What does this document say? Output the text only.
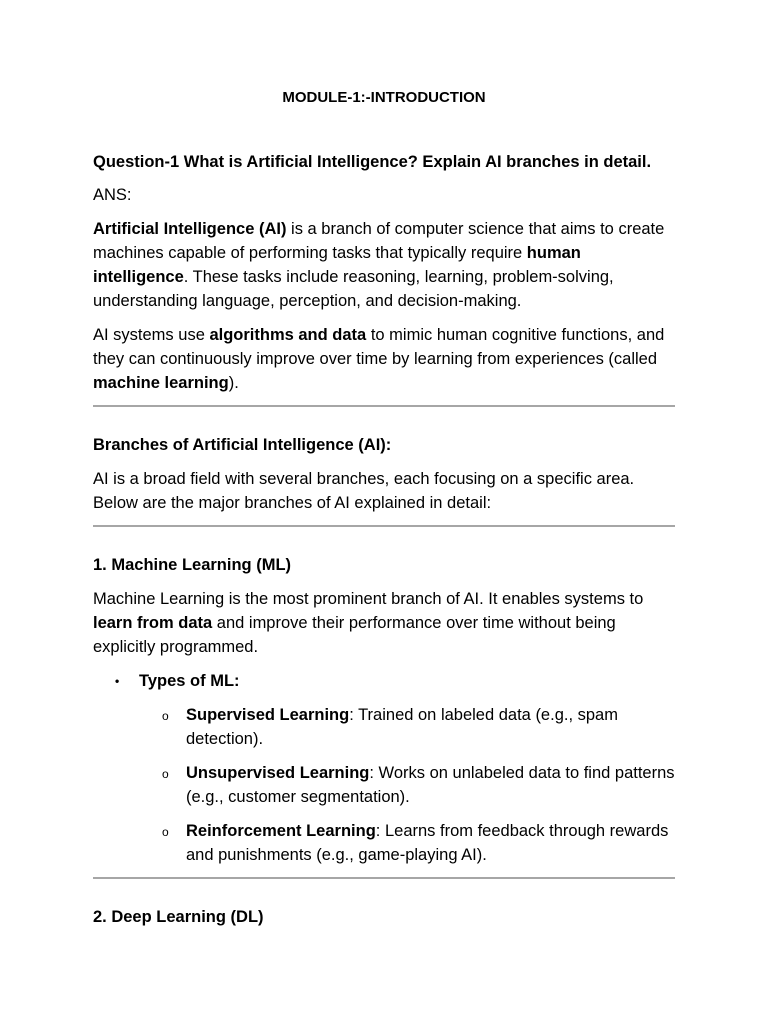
MODULE-1:-INTRODUCTION

Question-1 What is Artificial Intelligence? Explain AI branches in detail.

ANS:

Artificial Intelligence (AI) is a branch of computer science that aims to create machines capable of performing tasks that typically require human intelligence. These tasks include reasoning, learning, problem-solving, understanding language, perception, and decision-making.

AI systems use algorithms and data to mimic human cognitive functions, and they can continuously improve over time by learning from experiences (called machine learning).

Branches of Artificial Intelligence (AI):

AI is a broad field with several branches, each focusing on a specific area. Below are the major branches of AI explained in detail:

1. Machine Learning (ML)

Machine Learning is the most prominent branch of AI. It enables systems to learn from data and improve their performance over time without being explicitly programmed.

• Types of ML:
o Supervised Learning: Trained on labeled data (e.g., spam detection).
o Unsupervised Learning: Works on unlabeled data to find patterns (e.g., customer segmentation).
o Reinforcement Learning: Learns from feedback through rewards and punishments (e.g., game-playing AI).

2. Deep Learning (DL)
